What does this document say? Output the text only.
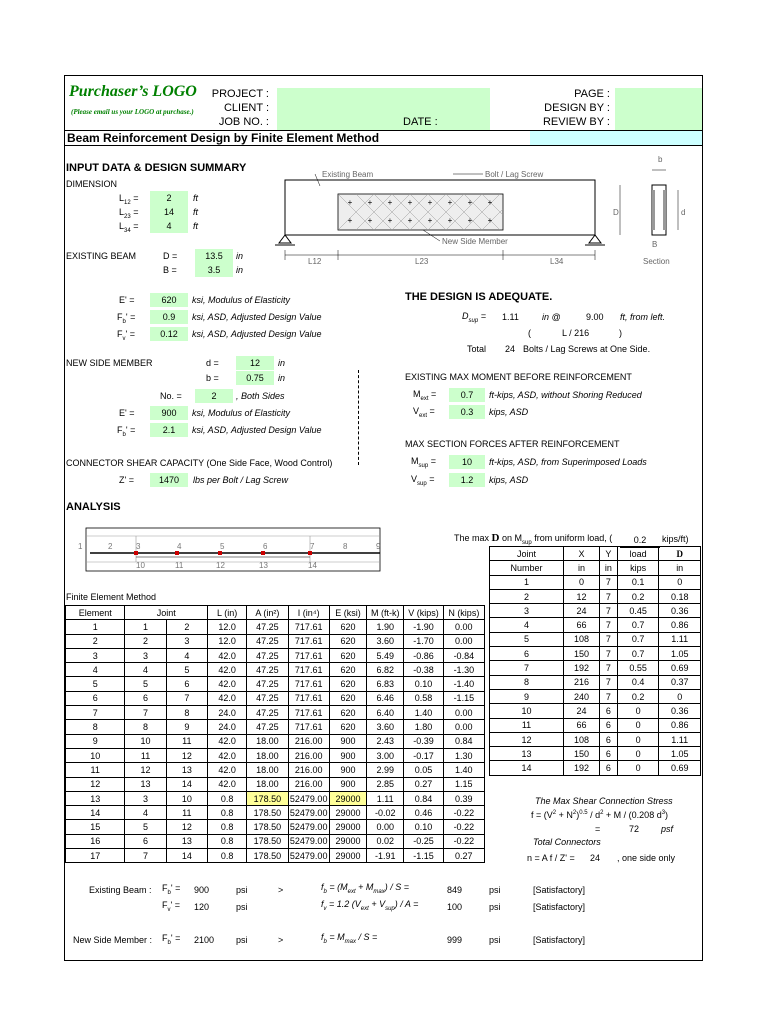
Purchaser’s LOGO
(Please email us your LOGO at purchase.)
PROJECT :
CLIENT :
JOB NO. :	DATE :
PAGE :
DESIGN BY :
REVIEW BY :
Beam Reinforcement Design by Finite Element Method
INPUT DATA & DESIGN SUMMARY
DIMENSION
$L_{12}$ =	2	ft
$L_{23}$ =	14	ft
$L_{34}$ =	4	ft
EXISTING BEAM	D =	13.5	in
B =	3.5	in
E' =	620	ksi, Modulus of Elasticity
$F_b'$ =	0.9	ksi, ASD, Adjusted Design Value
$F_v'$ =	0.12	ksi, ASD, Adjusted Design Value
NEW SIDE MEMBER	d =	12	in
b =	0.75	in
No. =	2	, Both Sides
E' =	900	ksi, Modulus of Elasticity
$F_b'$ =	2.1	ksi, ASD, Adjusted Design Value
CONNECTOR SHEAR CAPACITY (One Side Face, Wood Control)
Z' =	1470	lbs per Bolt / Lag Screw
+ + + + + + + +
+ + + + + + + +
Existing Beam	Bolt / Lag Screw
New Side Member
L12	L23	L34	Section
b
B
D	d
THE DESIGN IS ADEQUATE.
$D_{sup} = 1.11$	in @	9.00 ft, from left.
(	L / 216	)
Total 24 Bolts / Lag Screws at One Side.
EXISTING MAX MOMENT BEFORE REINFORCEMENT
$M_{ext}$ =	0.7	ft-kips, ASD, without Shoring Reduced
$V_{ext}$ =	0.3	kips, ASD
MAX SECTION FORCES AFTER REINFORCEMENT
$M_{sup}$ =	10	ft-kips, ASD, from Superimposed Loads
$V_{sup}$ =	1.2	kips, ASD
ANALYSIS
1	2	3	4	5	6	7	8	9
10	11	12	13	14
The max D on $M_{sup}$ from uniform load, (	0.2	kips/ft)
Finite Element Method
Element	Joint		L (in)	A (in²)	I (in⁴)	E (ksi)	M (ft-k)	V (kips)	N (kips)
1	1	2	12.0	47.25	717.61	620	1.90	-1.90	0.00
2	2	3	12.0	47.25	717.61	620	3.60	-1.70	0.00
3	3	4	42.0	47.25	717.61	620	5.49	-0.86	-0.84
4	4	5	42.0	47.25	717.61	620	6.82	-0.38	-1.30
5	5	6	42.0	47.25	717.61	620	6.83	0.10	-1.40
6	6	7	42.0	47.25	717.61	620	6.46	0.58	-1.15
7	7	8	24.0	47.25	717.61	620	6.40	1.40	0.00
8	8	9	24.0	47.25	717.61	620	3.60	1.80	0.00
9	10	11	42.0	18.00	216.00	900	2.43	-0.39	0.84
10	11	12	42.0	18.00	216.00	900	3.00	-0.17	1.30
11	12	13	42.0	18.00	216.00	900	2.99	0.05	1.40
12	13	14	42.0	18.00	216.00	900	2.85	0.27	1.15
13	3	10	0.8	178.50	52479.00	29000	1.11	0.84	0.39
14	4	11	0.8	178.50	52479.00	29000	-0.02	0.46	-0.22
15	5	12	0.8	178.50	52479.00	29000	0.00	0.10	-0.22
16	6	13	0.8	178.50	52479.00	29000	0.02	-0.25	-0.22
17	7	14	0.8	178.50	52479.00	29000	-1.91	-1.15	0.27
Joint	X	Y	load	D
Number	in	in	kips	in
1	0	7	0.1	0
2	12	7	0.2	0.18
3	24	7	0.45	0.36
4	66	7	0.7	0.86
5	108	7	0.7	1.11
6	150	7	0.7	1.05
7	192	7	0.55	0.69
8	216	7	0.4	0.37
9	240	7	0.2	0
10	24	6	0	0.36
11	66	6	0	0.86
12	108	6	0	1.11
13	150	6	0	1.05
14	192	6	0	0.69
The Max Shear Connection Stress
$f = (V^2 + N^2)^{0.5} / d^2 + M / (0.208$ $d^3$)
=	72 psf
Total Connectors
n = A f / Z' = 24 , one side only
Existing Beam : $F_b' = 900$	psi	>	$f_b = (M_{ext} + M_{max}) / S$ =	849	psi	[Satisfactory]
$F_v' = 120$	psi	$f_v = 1.2$ $(V_{ext} + V_{sup}) / A$ =	100	psi	[Satisfactory]
New Side Member : $F_b' = 2100$ psi	>	$f_b = M_{max} / S$ =	999	psi	[Satisfactory]
